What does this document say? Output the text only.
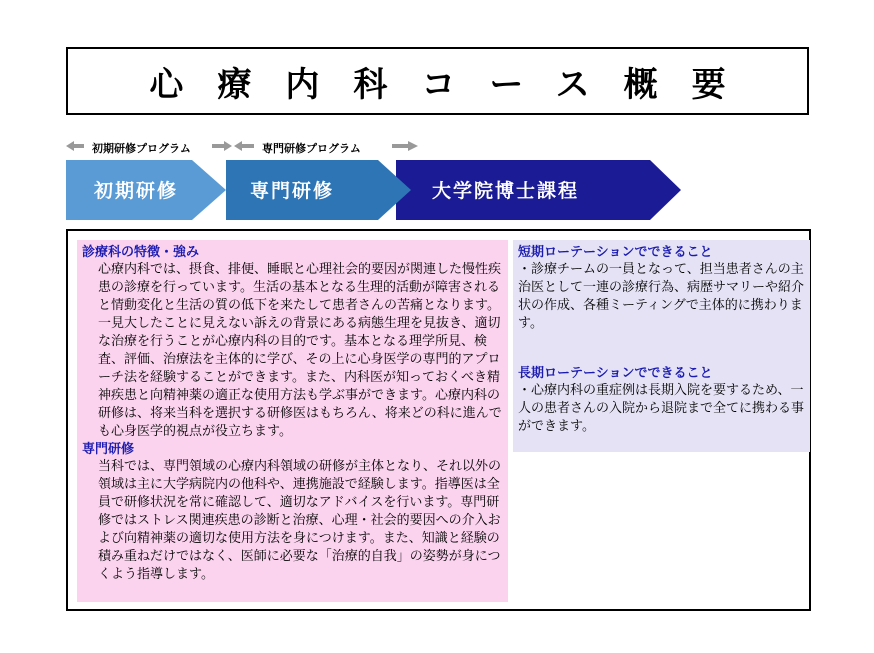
心療内科コース概要
初期研修プログラム	専門研修プログラム
初期研修	専門研修	大学院博士課程
診療科の特徴・強み
心療内科では、摂食、排便、睡眠と心理社会的要因が関連した慢性疾患の診療を行っています。生活の基本となる生理的活動が障害されると情動変化と生活の質の低下を来たして患者さんの苦痛となります。一見大したことに見えない訴えの背景にある病態生理を見抜き、適切な治療を行うことが心療内科の目的です。基本となる理学所見、検査、評価、治療法を主体的に学び、その上に心身医学の専門的アプローチ法を経験することができます。また、内科医が知っておくべき精神疾患と向精神薬の適正な使用方法も学ぶ事ができます。心療内科の研修は、将来当科を選択する研修医はもちろん、将来どの科に進んでも心身医学的視点が役立ちます。
専門研修
当科では、専門領域の心療内科領域の研修が主体となり、それ以外の領域は主に大学病院内の他科や、連携施設で経験します。指導医は全員で研修状況を常に確認して、適切なアドバイスを行います。専門研修ではストレス関連疾患の診断と治療、心理・社会的要因への介入および向精神薬の適切な使用方法を身につけます。また、知識と経験の積み重ねだけではなく、医師に必要な「治療的自我」の姿勢が身につくよう指導します。
短期ローテーションでできること
・診療チームの一員となって、担当患者さんの主治医として一連の診療行為、病歴サマリーや紹介状の作成、各種ミーティングで主体的に携わります。
長期ローテーションでできること
・心療内科の重症例は長期入院を要するため、一人の患者さんの入院から退院まで全てに携わる事ができます。
